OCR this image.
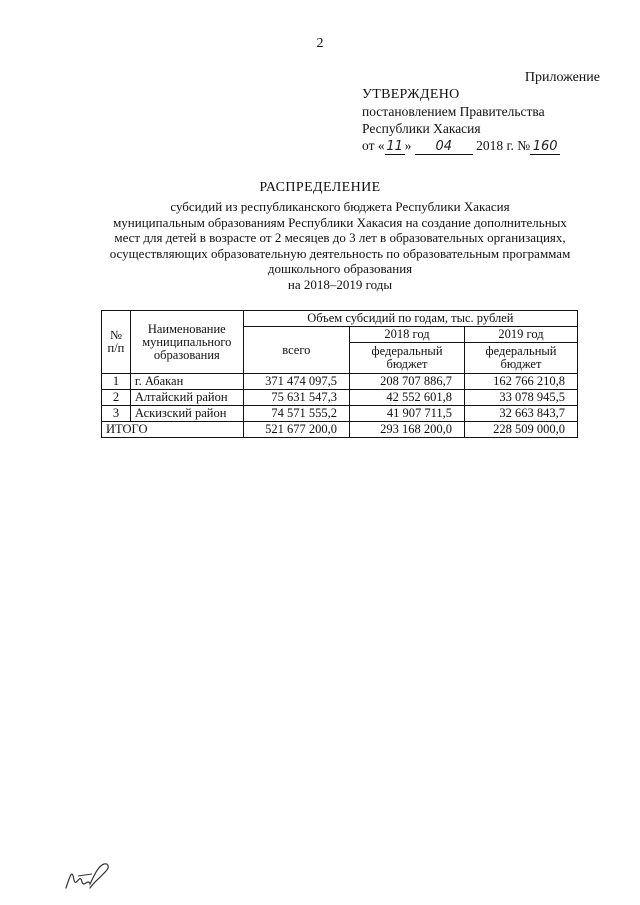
2
Приложение
УТВЕРЖДЕНО
постановлением Правительства
Республики Хакасия
от « 11 » 04 2018 г. № 160
РАСПРЕДЕЛЕНИЕ
субсидий из республиканского бюджета Республики Хакасия
муниципальным образованиям Республики Хакасия на создание дополнительных
мест для детей в возрасте от 2 месяцев до 3 лет в образовательных организациях,
осуществляющих образовательную деятельность по образовательным программам
дошкольного образования
на 2018–2019 годы
№ п/п	Наименование муниципального образования	Объем субсидий по годам, тыс. рублей		
		всего	2018 год	2019 год
			федеральный бюджет	федеральный бюджет
1	г. Абакан	371 474 097,5	208 707 886,7	162 766 210,8
2	Алтайский район	75 631 547,3	42 552 601,8	33 078 945,5
3	Аскизский район	74 571 555,2	41 907 711,5	32 663 843,7
ИТОГО		521 677 200,0	293 168 200,0	228 509 000,0
